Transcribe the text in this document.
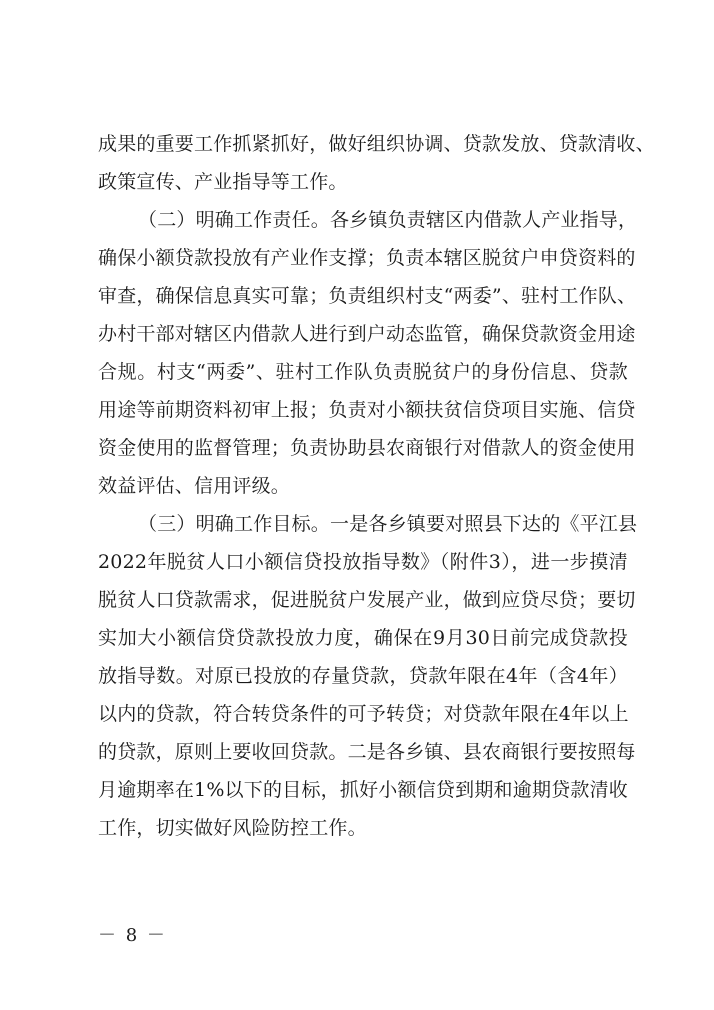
成果的重要工作抓紧抓好，做好组织协调、贷款发放、贷款清收、
政策宣传、产业指导等工作。
（二）明确工作责任。各乡镇负责辖区内借款人产业指导，
确保小额贷款投放有产业作支撑；负责本辖区脱贫户申贷资料的
审查，确保信息真实可靠；负责组织村支“两委”、驻村工作队、
办村干部对辖区内借款人进行到户动态监管，确保贷款资金用途
合规。村支“两委”、驻村工作队负责脱贫户的身份信息、贷款
用途等前期资料初审上报；负责对小额扶贫信贷项目实施、信贷
资金使用的监督管理；负责协助县农商银行对借款人的资金使用
效益评估、信用评级。
（三）明确工作目标。一是各乡镇要对照县下达的《平江县
2022年脱贫人口小额信贷投放指导数》（附件3），进一步摸清
脱贫人口贷款需求，促进脱贫户发展产业，做到应贷尽贷；要切
实加大小额信贷贷款投放力度，确保在9月30日前完成贷款投
放指导数。对原已投放的存量贷款，贷款年限在4年（含4年）
以内的贷款，符合转贷条件的可予转贷；对贷款年限在4年以上
的贷款，原则上要收回贷款。二是各乡镇、县农商银行要按照每
月逾期率在1%以下的目标，抓好小额信贷到期和逾期贷款清收
工作，切实做好风险防控工作。
－ 8 －
